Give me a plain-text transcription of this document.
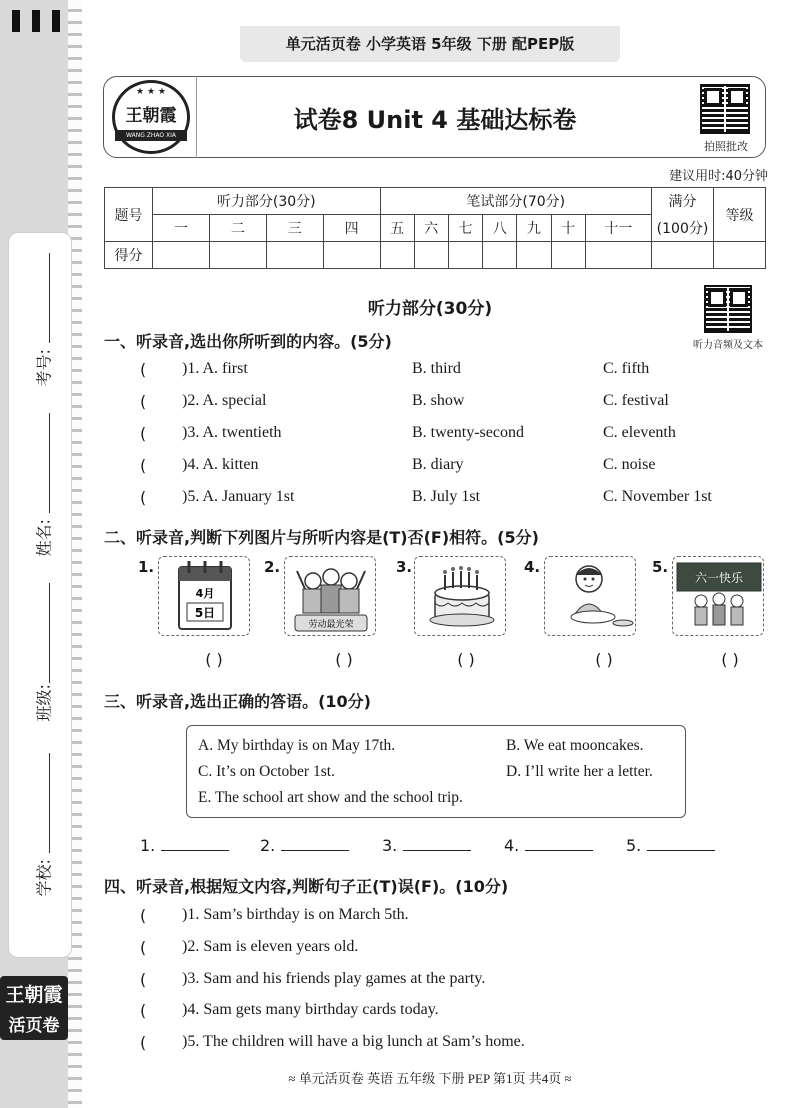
考号:
姓名:
班级:
学校:
王朝霞
活页卷
单元活页卷 小学英语 5年级 下册 配PEP版
★ ★ ★
王朝霞
WANG ZHAO XIA
试卷8 Unit 4 基础达标卷
拍照批改
建议用时:40分钟
题号	听力部分(30分)				笔试部分(70分)							满分	等级
	一	二	三	四	五	六	七	八	九	十	十一	(100分)	
得分													
听力部分(30分)
听力音频及文本
一、听录音,选出你所听到的内容。(5分)
( )1. A. first	B. third	C. fifth
( )2. A. special	B. show	C. festival
( )3. A. twentieth	B. twenty-second	C. eleventh
( )4. A. kitten	B. diary	C. noise
( )5. A. January 1st	B. July 1st	C. November 1st
二、听录音,判断下列图片与所听内容是(T)否(F)相符。(5分)
1.
4月
5日
2.
劳动最光荣
3.	4.	5.
六一快乐
( )	( )	( )	( )	( )
三、听录音,选出正确的答语。(10分)
A. My birthday is on May 17th.	B. We eat mooncakes.
C. It’s on October 1st.	D. I’ll write her a letter.
E. The school art show and the school trip.
1.	2.	3.	4.	5.
四、听录音,根据短文内容,判断句子正(T)误(F)。(10分)
( )1. Sam’s birthday is on March 5th.
( )2. Sam is eleven years old.
( )3. Sam and his friends play games at the party.
( )4. Sam gets many birthday cards today.
( )5. The children will have a big lunch at Sam’s home.
≈ 单元活页卷 英语 五年级 下册 PEP 第1页 共4页 ≈
